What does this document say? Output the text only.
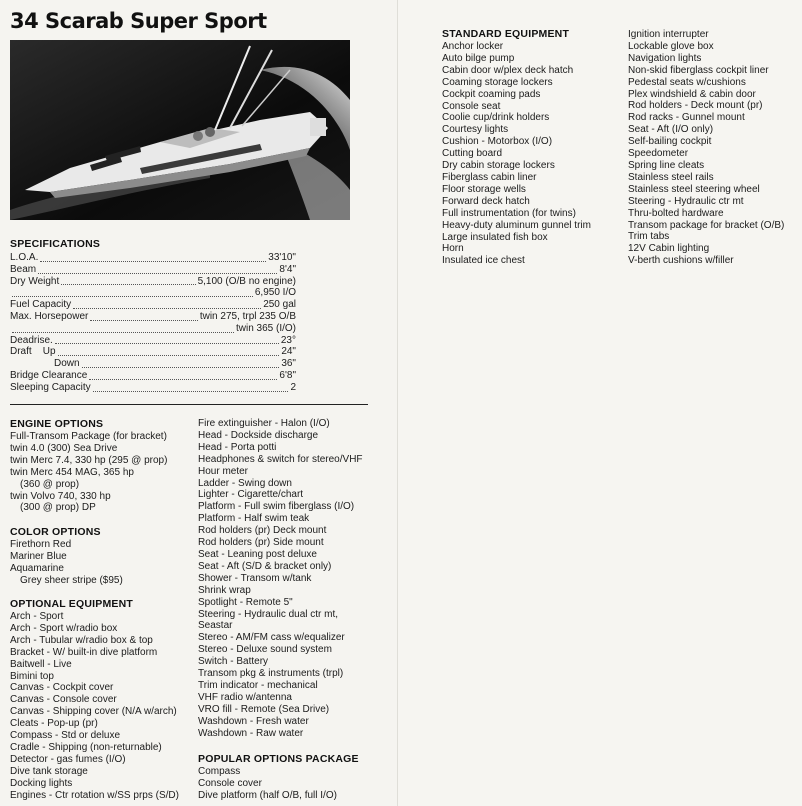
34 Scarab Super Sport
SPECIFICATIONS
L.O.A.	33'10"
Beam	8'4"
Dry Weight	5,100 (O/B no engine)
6,950 I/O
Fuel Capacity	250 gal
Max. Horsepower	twin 275, trpl 235 O/B
twin 365 (I/O)
Deadrise.	23°
Draft    Up	24"
Down	36"
Bridge Clearance	6'8"
Sleeping Capacity	2
ENGINE OPTIONS
Full-Transom Package (for bracket)
twin 4.0 (300) Sea Drive
twin Merc 7.4, 330 hp (295 @ prop)
twin Merc 454 MAG, 365 hp
(360 @ prop)
twin Volvo 740, 330 hp
(300 @ prop) DP
COLOR OPTIONS
Firethorn Red
Mariner Blue
Aquamarine
Grey sheer stripe ($95)
OPTIONAL EQUIPMENT
Arch - Sport
Arch - Sport w/radio box
Arch - Tubular w/radio box & top
Bracket - W/ built-in dive platform
Baitwell - Live
Bimini top
Canvas - Cockpit cover
Canvas - Console cover
Canvas - Shipping cover (N/A w/arch)
Cleats - Pop-up (pr)
Compass - Std or deluxe
Cradle - Shipping (non-returnable)
Detector - gas fumes (I/O)
Dive tank storage
Docking lights
Engines - Ctr rotation w/SS prps (S/D)
Fire extinguisher - Halon (I/O)
Head - Dockside discharge
Head - Porta potti
Headphones & switch for stereo/VHF
Hour meter
Ladder - Swing down
Lighter - Cigarette/chart
Platform - Full swim fiberglass (I/O)
Platform - Half swim teak
Rod holders (pr) Deck mount
Rod holders (pr) Side mount
Seat - Leaning post deluxe
Seat - Aft (S/D & bracket only)
Shower - Transom w/tank
Shrink wrap
Spotlight - Remote 5"
Steering - Hydraulic dual ctr mt,
Seastar
Stereo - AM/FM cass w/equalizer
Stereo - Deluxe sound system
Switch - Battery
Transom pkg & instruments (trpl)
Trim indicator - mechanical
VHF radio w/antenna
VRO fill - Remote (Sea Drive)
Washdown - Fresh water
Washdown - Raw water
POPULAR OPTIONS PACKAGE
Compass
Console cover
Dive platform (half O/B, full I/O)
STANDARD EQUIPMENT
Anchor locker
Auto bilge pump
Cabin door w/plex deck hatch
Coaming storage lockers
Cockpit coaming pads
Console seat
Coolie cup/drink holders
Courtesy lights
Cushion - Motorbox (I/O)
Cutting board
Dry cabin storage lockers
Fiberglass cabin liner
Floor storage wells
Forward deck hatch
Full instrumentation (for twins)
Heavy-duty aluminum gunnel trim
Large insulated fish box
Horn
Insulated ice chest
Ignition interrupter
Lockable glove box
Navigation lights
Non-skid fiberglass cockpit liner
Pedestal seats w/cushions
Plex windshield & cabin door
Rod holders - Deck mount (pr)
Rod racks - Gunnel mount
Seat - Aft (I/O only)
Self-bailing cockpit
Speedometer
Spring line cleats
Stainless steel rails
Stainless steel steering wheel
Steering - Hydraulic ctr mt
Thru-bolted hardware
Transom package for bracket (O/B)
Trim tabs
12V Cabin lighting
V-berth cushions w/filler
